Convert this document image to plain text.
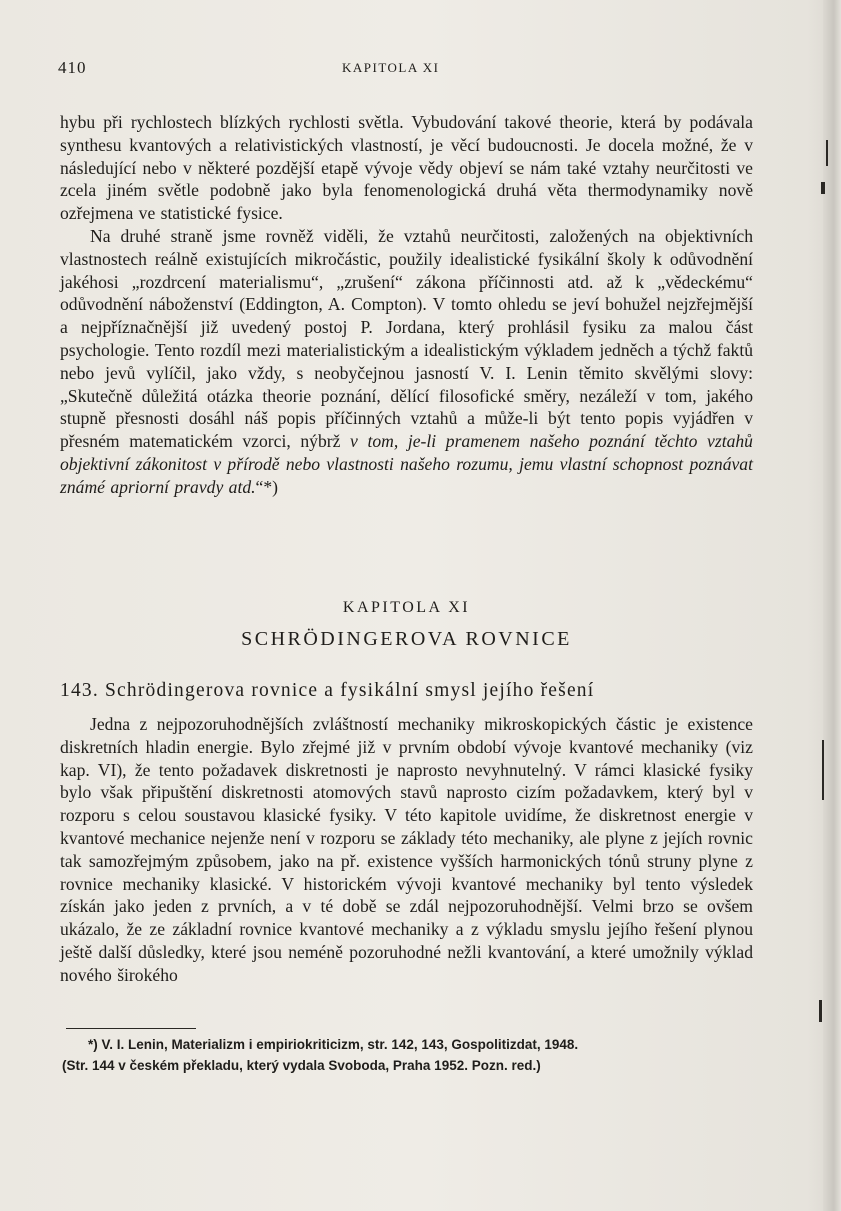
410	KAPITOLA XI

hybu při rychlostech blízkých rychlosti světla. Vybudování takové theorie, která by podávala synthesu kvantových a relativistických vlastností, je věcí budoucnosti. Je docela možné, že v následující nebo v některé pozdější etapě vývoje vědy objeví se nám také vztahy neurčitosti ve zcela jiném světle podobně jako byla fenomenologická druhá věta thermodynamiky nově ozřejmena ve statistické fysice.

Na druhé straně jsme rovněž viděli, že vztahů neurčitosti, založených na objektivních vlastnostech reálně existujících mikročástic, použily idealistické fysikální školy k odůvodnění jakéhosi „rozdrcení materialismu“, „zrušení“ zákona příčinnosti atd. až k „vědeckému“ odůvodnění náboženství (Eddington, A. Compton). V tomto ohledu se jeví bohužel nejzřejmější a nejpříznačnější již uvedený postoj P. Jordana, který prohlásil fysiku za malou část psychologie. Tento rozdíl mezi materialistickým a idealistickým výkladem jedněch a týchž faktů nebo jevů vylíčil, jako vždy, s neobyčejnou jasností V. I. Lenin těmito skvělými slovy: „Skutečně důležitá otázka theorie poznání, dělící filosofické směry, nezáleží v tom, jakého stupně přesnosti dosáhl náš popis příčinných vztahů a může-li být tento popis vyjádřen v přesném matematickém vzorci, nýbrž v tom, je-li pramenem našeho poznání těchto vztahů objektivní zákonitost v přírodě nebo vlastnosti našeho rozumu, jemu vlastní schopnost poznávat známé apriorní pravdy atd.“*)

KAPITOLA XI
SCHRÖDINGEROVA ROVNICE
143. Schrödingerova rovnice a fysikální smysl jejího řešení

Jedna z nejpozoruhodnějších zvláštností mechaniky mikroskopických částic je existence diskretních hladin energie. Bylo zřejmé již v prvním období vývoje kvantové mechaniky (viz kap. VI), že tento požadavek diskretnosti je naprosto nevyhnutelný. V rámci klasické fysiky bylo však připuštění diskretnosti atomových stavů naprosto cizím požadavkem, který byl v rozporu s celou soustavou klasické fysiky. V této kapitole uvidíme, že diskretnost energie v kvantové mechanice nejenže není v rozporu se základy této mechaniky, ale plyne z jejích rovnic tak samozřejmým způsobem, jako na př. existence vyšších harmonických tónů struny plyne z rovnice mechaniky klasické. V historickém vývoji kvantové mechaniky byl tento výsledek získán jako jeden z prvních, a v té době se zdál nejpozoruhodnější. Velmi brzo se ovšem ukázalo, že ze základní rovnice kvantové mechaniky a z výkladu smyslu jejího řešení plynou ještě další důsledky, které jsou neméně pozoruhodné nežli kvantování, a které umožnily výklad nového širokého

*) V. I. Lenin, Materializm i empiriokriticizm, str. 142, 143, Gospolitizdat, 1948.

(Str. 144 v českém překladu, který vydala Svoboda, Praha 1952. Pozn. red.)
